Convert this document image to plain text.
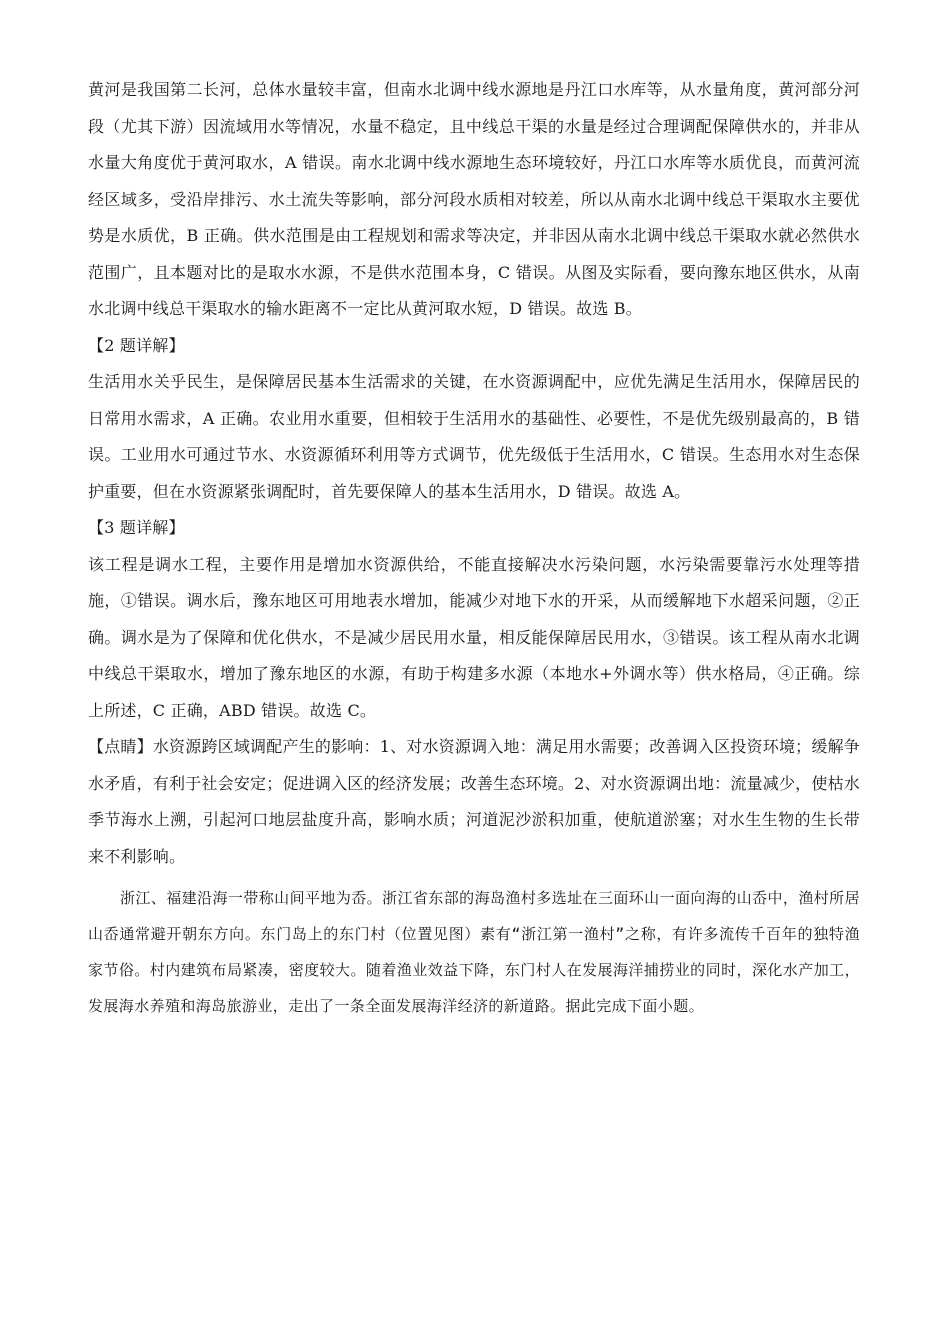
黄河是我国第二长河，总体水量较丰富，但南水北调中线水源地是丹江口水库等，从水量角度，黄河部分河段（尤其下游）因流域用水等情况，水量不稳定，且中线总干渠的水量是经过合理调配保障供水的，并非从水量大角度优于黄河取水，A 错误。南水北调中线水源地生态环境较好，丹江口水库等水质优良，而黄河流经区域多，受沿岸排污、水土流失等影响，部分河段水质相对较差，所以从南水北调中线总干渠取水主要优势是水质优，B 正确。供水范围是由工程规划和需求等决定，并非因从南水北调中线总干渠取水就必然供水范围广，且本题对比的是取水水源，不是供水范围本身，C 错误。从图及实际看，要向豫东地区供水，从南水北调中线总干渠取水的输水距离不一定比从黄河取水短，D 错误。故选 B。

【2 题详解】

生活用水关乎民生，是保障居民基本生活需求的关键，在水资源调配中，应优先满足生活用水，保障居民的日常用水需求，A 正确。农业用水重要，但相较于生活用水的基础性、必要性，不是优先级别最高的，B 错误。工业用水可通过节水、水资源循环利用等方式调节，优先级低于生活用水，C 错误。生态用水对生态保护重要，但在水资源紧张调配时，首先要保障人的基本生活用水，D 错误。故选 A。

【3 题详解】

该工程是调水工程，主要作用是增加水资源供给，不能直接解决水污染问题，水污染需要靠污水处理等措施，①错误。调水后，豫东地区可用地表水增加，能减少对地下水的开采，从而缓解地下水超采问题，②正确。调水是为了保障和优化供水，不是减少居民用水量，相反能保障居民用水，③错误。该工程从南水北调中线总干渠取水，增加了豫东地区的水源，有助于构建多水源（本地水+外调水等）供水格局，④正确。综上所述，C 正确，ABD 错误。故选 C。

【点睛】水资源跨区域调配产生的影响：1、对水资源调入地：满足用水需要；改善调入区投资环境；缓解争水矛盾，有利于社会安定；促进调入区的经济发展；改善生态环境。2、对水资源调出地：流量减少，使枯水季节海水上溯，引起河口地层盐度升高，影响水质；河道泥沙淤积加重，使航道淤塞；对水生生物的生长带来不利影响。

浙江、福建沿海一带称山间平地为岙。浙江省东部的海岛渔村多选址在三面环山一面向海的山岙中，渔村所居山岙通常避开朝东方向。东门岛上的东门村（位置见图）素有“浙江第一渔村”之称，有许多流传千百年的独特渔家节俗。村内建筑布局紧凑，密度较大。随着渔业效益下降，东门村人在发展海洋捕捞业的同时，深化水产加工，发展海水养殖和海岛旅游业，走出了一条全面发展海洋经济的新道路。据此完成下面小题。
